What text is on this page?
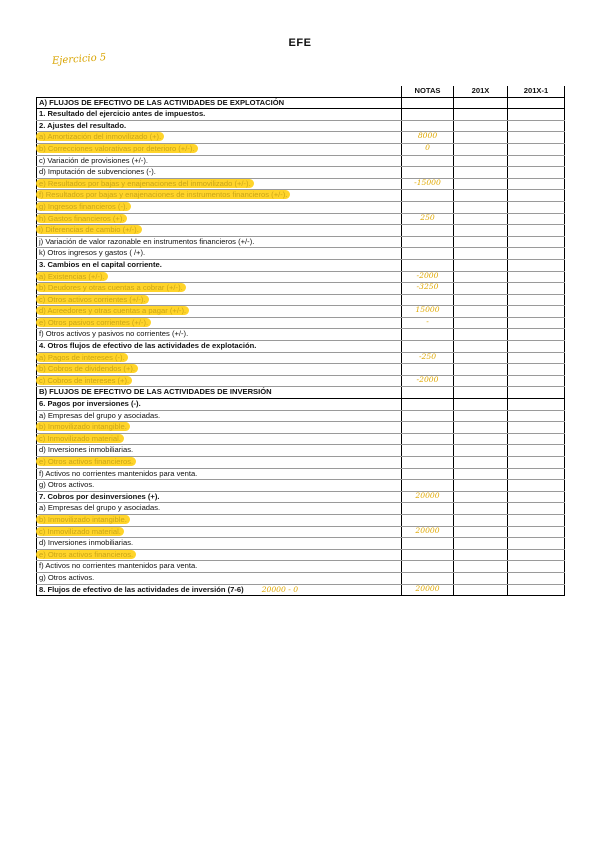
EFE
Ejercicio 5
	NOTAS	201X	201X-1
A) FLUJOS DE EFECTIVO DE LAS ACTIVIDADES DE EXPLOTACIÓN			
1. Resultado del ejercicio antes de impuestos.			
2. Ajustes del resultado.			
a) Amortización del inmovilizado (+).	8000		
b) Correcciones valorativas por deterioro (+/-).	0		
c) Variación de provisiones (+/-).			
d) Imputación de subvenciones (-).			
e) Resultados por bajas y enajenaciones del inmovilizado (+/-).	-15000		
f) Resultados por bajas y enajenaciones de instrumentos financieros (+/-).			
g) Ingresos financieros (-).			
h) Gastos financieros (+).	250		
i) Diferencias de cambio (+/-).			
j) Variación de valor razonable en instrumentos financieros (+/-).			
k) Otros ingresos y gastos ( /+).			
3. Cambios en el capital corriente.			
a) Existencias (+/-).	-2000		
b) Deudores y otras cuentas a cobrar (+/-).	-3250		
c) Otros activos corrientes (+/-).			
d) Acreedores y otras cuentas a pagar (+/-).	15000		
e) Otros pasivos corrientes (+/-).	-		
f) Otros activos y pasivos no corrientes (+/-).			
4. Otros flujos de efectivo de las actividades de explotación.			
a) Pagos de intereses (-).	-250		
b) Cobros de dividendos (+).			
c) Cobros de intereses (+).	-2000		
B) FLUJOS DE EFECTIVO DE LAS ACTIVIDADES DE INVERSIÓN			
6. Pagos por inversiones (-).			
a) Empresas del grupo y asociadas.			
b) Inmovilizado intangible.			
c) Inmovilizado material.			
d) Inversiones inmobiliarias.			
e) Otros activos financieros.			
f) Activos no corrientes mantenidos para venta.			
g) Otros activos.			
7. Cobros por desinversiones (+).	20000		
a) Empresas del grupo y asociadas.			
b) Inmovilizado intangible.			
c) Inmovilizado material.	20000		
d) Inversiones inmobiliarias.			
e) Otros activos financieros.			
f) Activos no corrientes mantenidos para venta.			
g) Otros activos.			
8. Flujos de efectivo de las actividades de inversión (7-6) 20000 - 0	20000		
